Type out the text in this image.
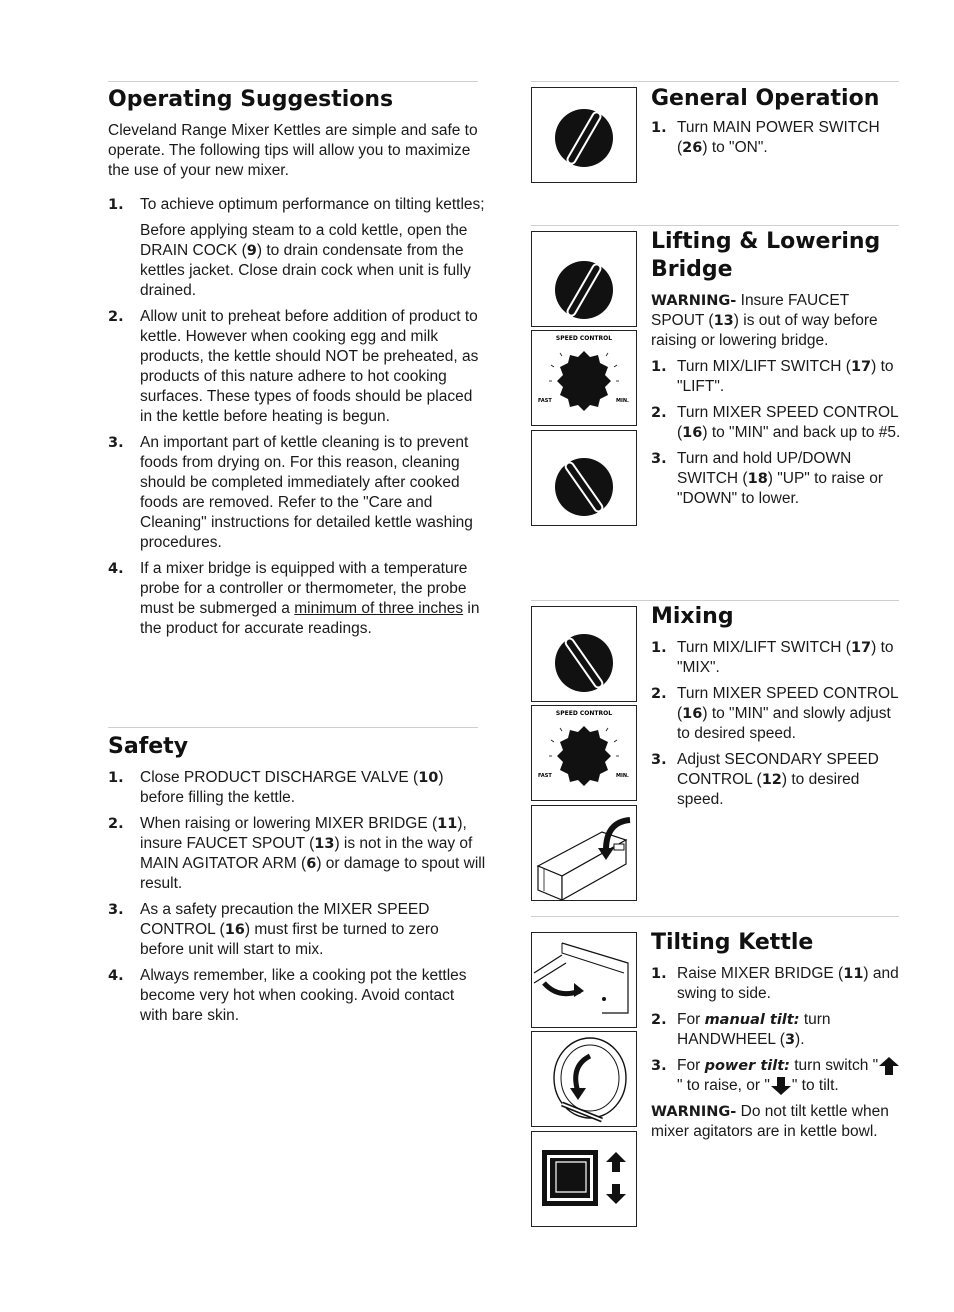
Operating Suggestions

Cleveland Range Mixer Kettles are simple and safe to operate. The following tips will allow you to maximize the use of your new mixer.

1. To achieve optimum performance on tilting kettles;

Before applying steam to a cold kettle, open the DRAIN COCK (9) to drain condensate from the kettles jacket. Close drain cock when unit is fully drained.

2. Allow unit to preheat before addition of product to kettle. However when cooking egg and milk products, the kettle should NOT be preheated, as products of this nature adhere to hot cooking surfaces. These types of foods should be placed in the kettle before heating is begun.
3. An important part of kettle cleaning is to prevent foods from drying on. For this reason, cleaning should be completed immediately after cooked foods are removed. Refer to the "Care and Cleaning" instructions for detailed kettle washing procedures.
4. If a mixer bridge is equipped with a temperature probe for a controller or thermometer, the probe must be submerged a minimum of three inches in the product for accurate readings.
Safety
1. Close PRODUCT DISCHARGE VALVE (10) before filling the kettle.
2. When raising or lowering MIXER BRIDGE (11), insure FAUCET SPOUT (13) is not in the way of MAIN AGITATOR ARM (6) or damage to spout will result.
3. As a safety precaution the MIXER SPEED CONTROL (16) must first be turned to zero before unit will start to mix.
4. Always remember, like a cooking pot the kettles become very hot when cooking. Avoid contact with bare skin.
General Operation
1. Turn MAIN POWER SWITCH (26) to "ON".
SPEED CONTROL
FAST	MIN.
Lifting & Lowering Bridge

WARNING- Insure FAUCET SPOUT (13) is out of way before raising or lowering bridge.

1. Turn MIX/LIFT SWITCH (17) to "LIFT".
2. Turn MIXER SPEED CONTROL (16) to "MIN" and back up to #5.
3. Turn and hold UP/DOWN SWITCH (18) "UP" to raise or "DOWN" to lower.
SPEED CONTROL
FAST	MIN.
Mixing
1. Turn MIX/LIFT SWITCH (17) to "MIX".
2. Turn MIXER SPEED CONTROL (16) to "MIN" and slowly adjust to desired speed.
3. Adjust SECONDARY SPEED CONTROL (12) to desired speed.
Tilting Kettle
1. Raise MIXER BRIDGE (11) and swing to side.
2. For manual tilt: turn HANDWHEEL (3).
3. For power tilt: turn switch "" to raise, or " " to tilt.

WARNING- Do not tilt kettle when mixer agitators are in kettle bowl.
